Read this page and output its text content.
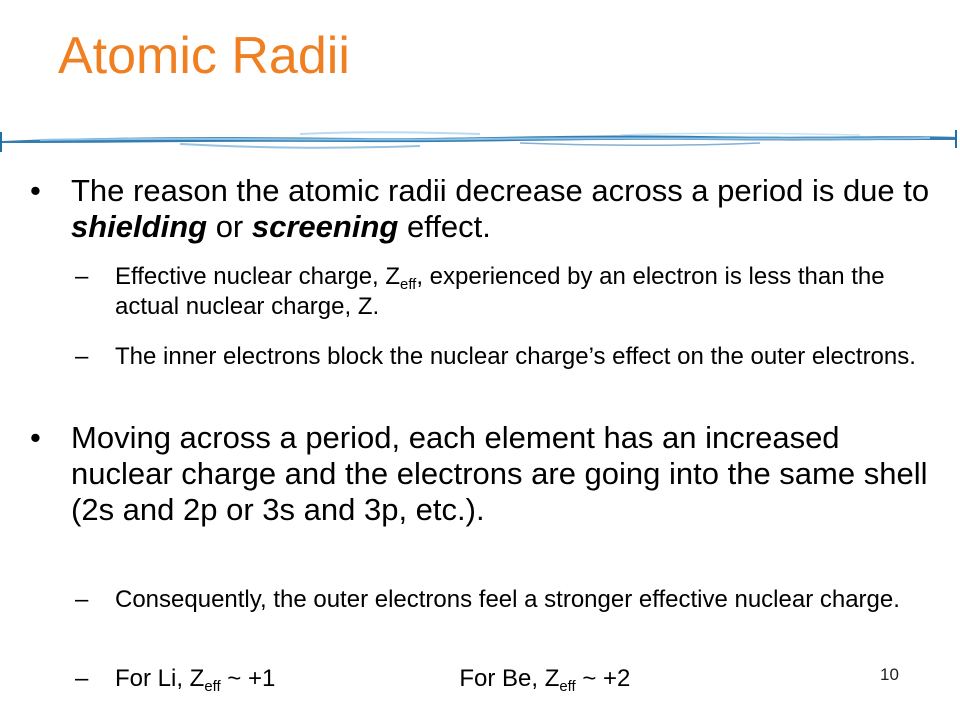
Atomic Radii
• The reason the atomic radii decrease across a period is due to shielding or screening effect.
– Effective nuclear charge, $Z_{eff}$, experienced by an electron is less than the actual nuclear charge, Z.
– The inner electrons block the nuclear charge’s effect on the outer electrons.
• Moving across a period, each element has an increased nuclear charge and the electrons are going into the same shell (2s and 2p or 3s and 3p, etc.).
– Consequently, the outer electrons feel a stronger effective nuclear charge.
– For Li, $Z_{eff}$ ~ +1	For Be, $Z_{eff}$ ~ +2	10
